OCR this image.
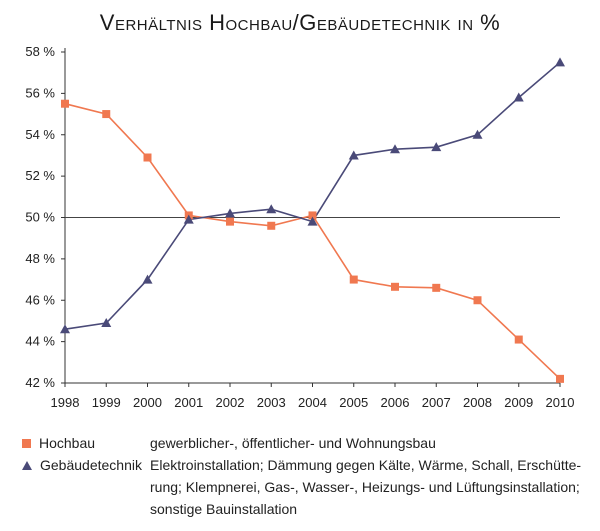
Verhältnis Hochbau/Gebäudetechnik in %
42 %
44 %
46 %
48 %
50 %
52 %
54 %
56 %
58 %
1998 1999 2000 2001 2002 2003 2004 2005 2006 2007 2008 2009 2010
Hochbau	gewerblicher-, öffentlicher- und Wohnungsbau
Gebäudetechnik Elektroinstallation; Dämmung gegen Kälte, Wärme, Schall, Erschütte-rung; Klempnerei, Gas-, Wasser-, Heizungs- und Lüftungsinstallation; sonstige Bauinstallation
